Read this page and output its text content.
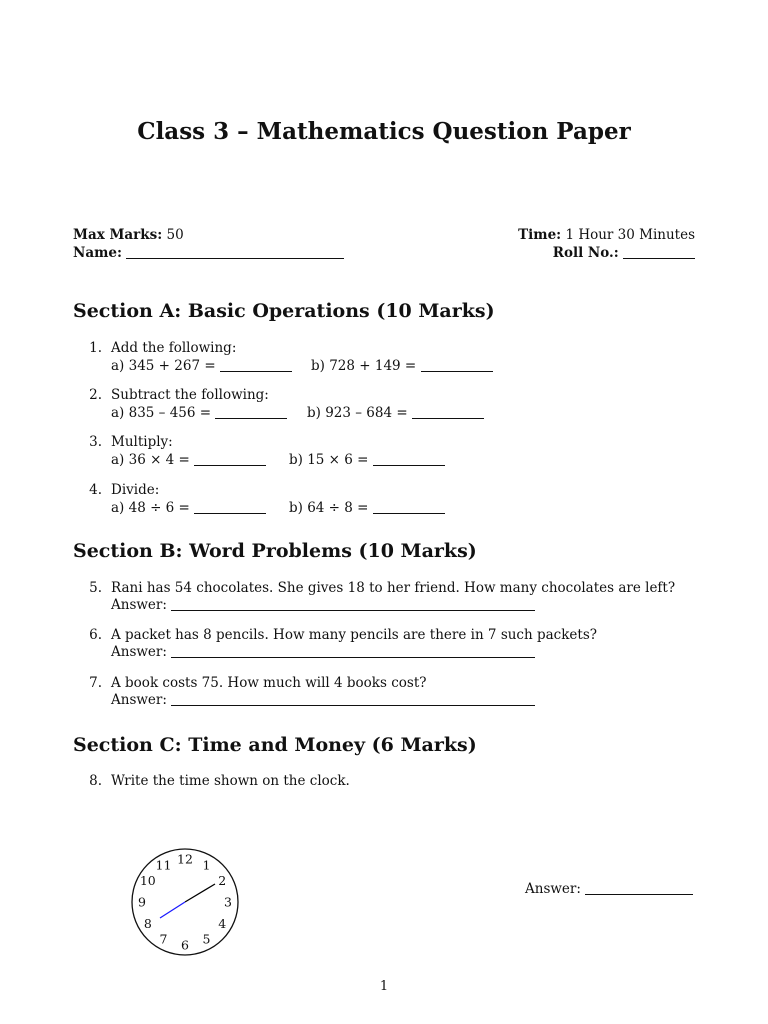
Class 3 – Mathematics Question Paper
Max Marks: 50	Time: 1 Hour 30 Minutes
Name:	Roll No.:
Section A: Basic Operations (10 Marks)
1. Add the following:
a) 345 + 267 =	b) 728 + 149 =
2. Subtract the following:
a) 835 – 456 =	b) 923 – 684 =
3. Multiply:
a) 36 × 4 =	b) 15 × 6 =
4. Divide:
a) 48 ÷ 6 =	b) 64 ÷ 8 =
Section B: Word Problems (10 Marks)
5. Rani has 54 chocolates. She gives 18 to her friend. How many chocolates are left?
Answer:
6. A packet has 8 pencils. How many pencils are there in 7 such packets?
Answer:
7. A book costs 75. How much will 4 books cost?
Answer:
Section C: Time and Money (6 Marks)
8. Write the time shown on the clock.
12 1
2
3
4
5
6
7
8
9
10
11
Answer:
1
